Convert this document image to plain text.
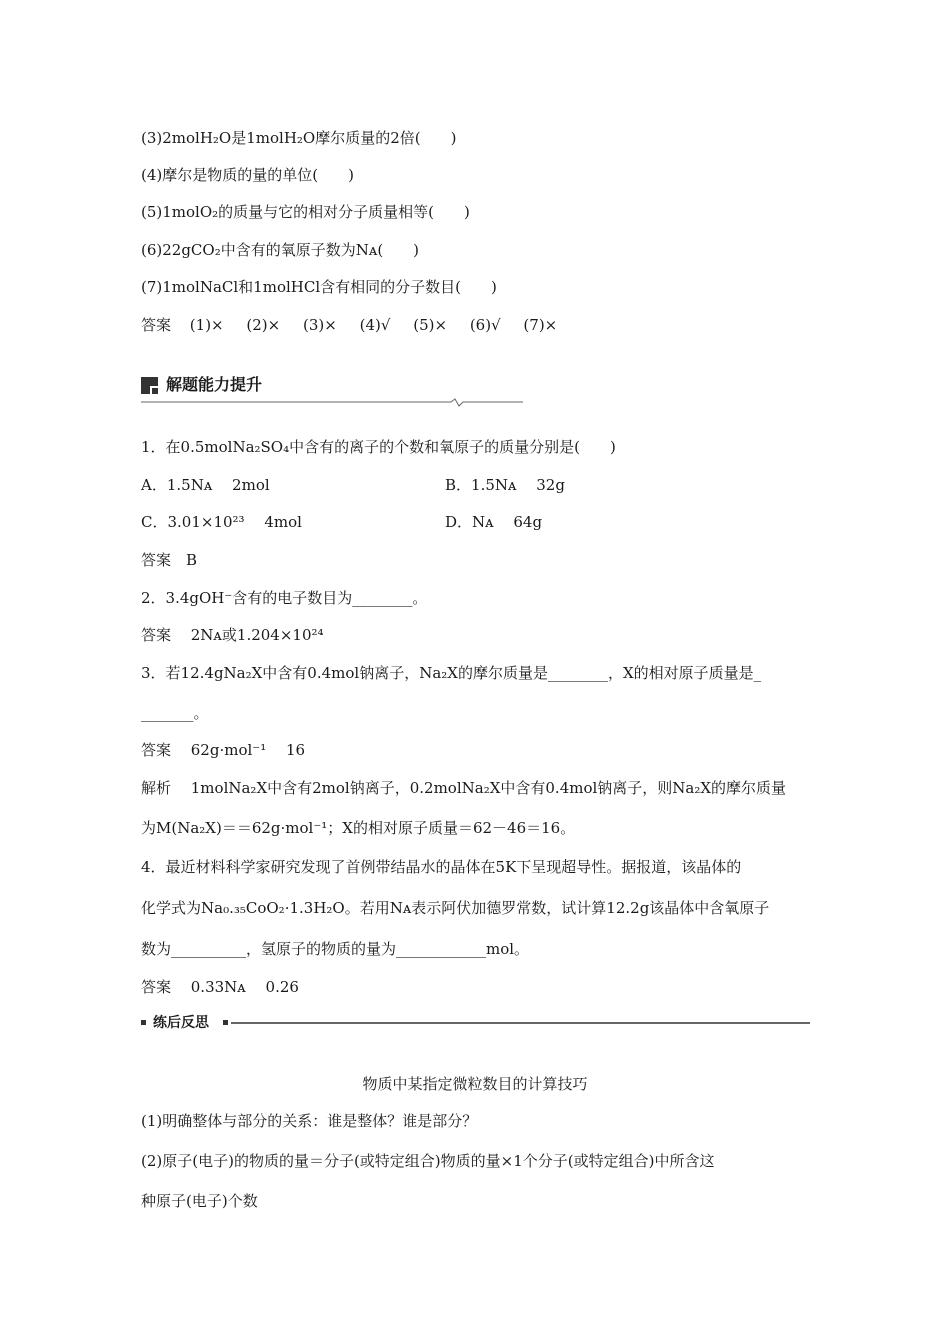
(3)2molH₂O是1molH₂O摩尔质量的2倍(　　)
(4)摩尔是物质的量的单位(　　)
(5)1molO₂的质量与它的相对分子质量相等(　　)
(6)22gCO₂中含有的氧原子数为Nᴀ(　　)
(7)1molNaCl和1molHCl含有相同的分子数目(　　)
答案 (1)× (2)× (3)× (4)√ (5)× (6)√ (7)×
解题能力提升
1．在0.5molNa₂SO₄中含有的离子的个数和氧原子的质量分别是(　　)
A．1.5Nᴀ　 2mol	B．1.5Nᴀ　 32g
C．3.01×10²³　 4mol	D．Nᴀ　 64g
答案　B
2．3.4gOH⁻含有的电子数目为________。
答案　 2Nᴀ或1.204×10²⁴
3．若12.4gNa₂X中含有0.4mol钠离子，Na₂X的摩尔质量是________，X的相对原子质量是_
_______。
答案　 62g·mol⁻¹　 16
解析　 1molNa₂X中含有2mol钠离子，0.2molNa₂X中含有0.4mol钠离子，则Na₂X的摩尔质量
为M(Na₂X)＝＝62g·mol⁻¹；X的相对原子质量＝62－46＝16。
4．最近材料科学家研究发现了首例带结晶水的晶体在5K下呈现超导性。据报道，该晶体的
化学式为Na₀.₃₅CoO₂·1.3H₂O。若用Nᴀ表示阿伏加德罗常数，试计算12.2g该晶体中含氧原子
数为__________，氢原子的物质的量为____________mol。
答案　 0.33Nᴀ　 0.26
练后反思
物质中某指定微粒数目的计算技巧
(1)明确整体与部分的关系：谁是整体？谁是部分？
(2)原子(电子)的物质的量＝分子(或特定组合)物质的量×1个分子(或特定组合)中所含这
种原子(电子)个数
